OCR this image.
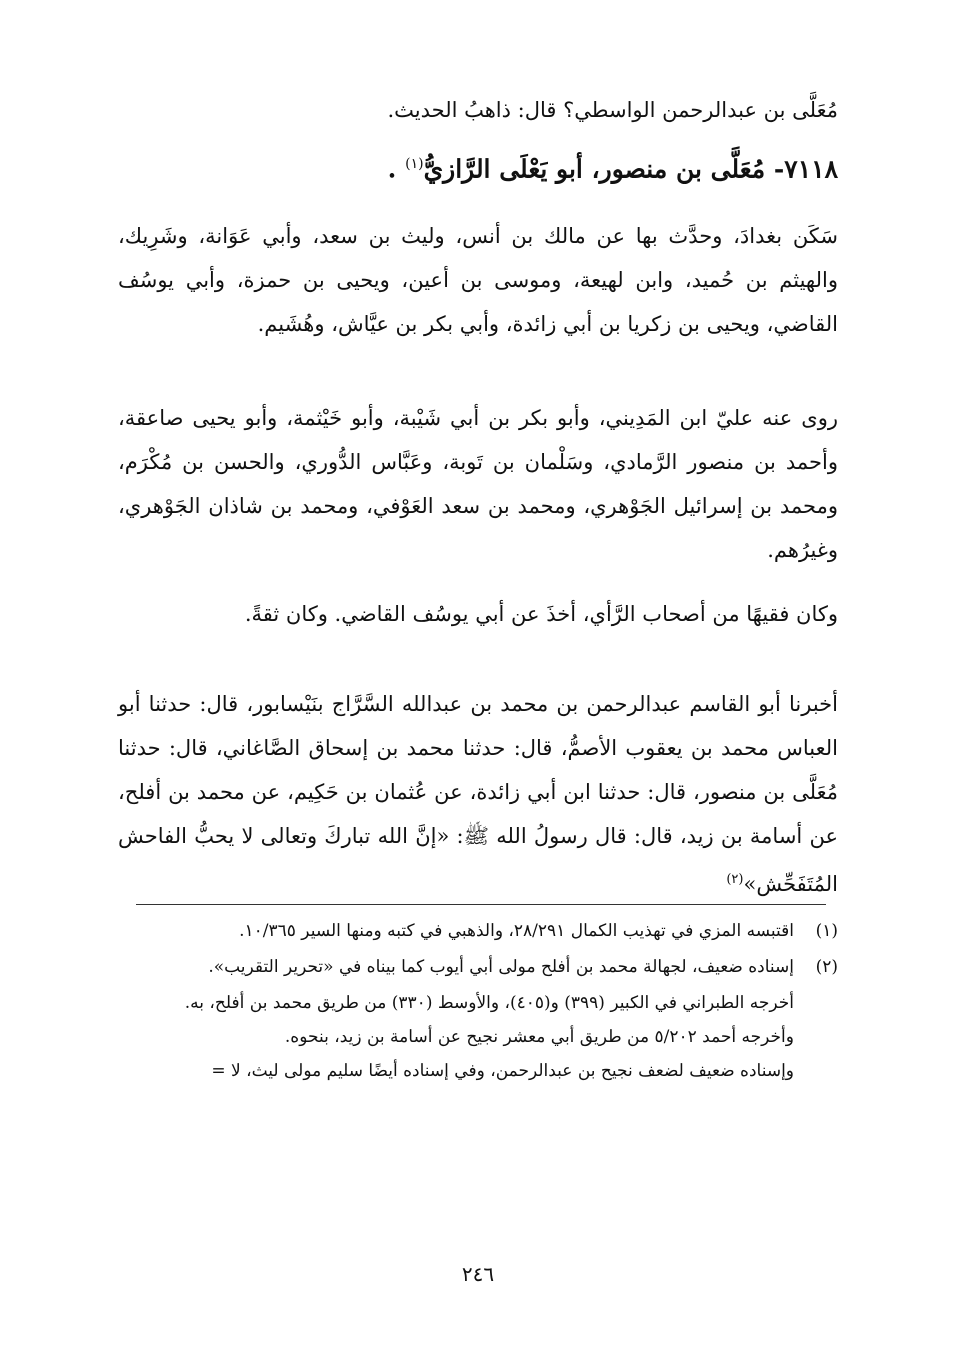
مُعَلَّى بن عبدالرحمن الواسطي؟ قال: ذاهبُ الحديث.
٧١١٨- مُعَلَّى بن منصور، أبو يَعْلَى الرَّازيُّ$^{(١)}$ .
سَكَن بغدادَ، وحدَّث بها عن مالك بن أنس، وليث بن سعد، وأبي عَوَانة، وشَرِيك، والهيثم بن حُميد، وابن لهيعة، وموسى بن أعين، ويحيى بن حمزة، وأبي يوسُف القاضي، ويحيى بن زكريا بن أبي زائدة، وأبي بكر بن عيَّاش، وهُشَيم.
روى عنه عليّ ابن المَدِيني، وأبو بكر بن أبي شَيْبة، وأبو خَيْثمة، وأبو يحيى صاعقة، وأحمد بن منصور الرَّمادي، وسَلْمان بن تَوبة، وعَبَّاس الدُّوري، والحسن بن مُكْرَم، ومحمد بن إسرائيل الجَوْهري، ومحمد بن سعد العَوْفي، ومحمد بن شاذان الجَوْهري، وغيرُهم.
وكان فقيهًا من أصحاب الرَّأي، أخذَ عن أبي يوسُف القاضي. وكان ثقةً.
أخبرنا أبو القاسم عبدالرحمن بن محمد بن عبدالله السَّرَّاج بنَيْسابور، قال: حدثنا أبو العباس محمد بن يعقوب الأصمُّ، قال: حدثنا محمد بن إسحاق الصَّاغاني، قال: حدثنا مُعَلَّى بن منصور، قال: حدثنا ابن أبي زائدة، عن عُثمان بن حَكِيم، عن محمد بن أفلح، عن أسامة بن زيد، قال: قال رسولُ الله ﷺ: «إنَّ الله تباركَ وتعالى لا يحبُّ الفاحش المُتَفَحِّش»$^{(٢)}$
(١)
اقتبسه المزي في تهذيب الكمال ٢٨/٢٩١، والذهبي في كتبه ومنها السير ١٠/٣٦٥.
(٢)
إسناده ضعيف، لجهالة محمد بن أفلح مولى أبي أيوب كما بيناه في «تحرير التقريب».
أخرجه الطبراني في الكبير (٣٩٩) و(٤٠٥)، والأوسط (٣٣٠) من طريق محمد بن أفلح، به.
وأخرجه أحمد ٥/٢٠٢ من طريق أبي معشر نجيح عن أسامة بن زيد، بنحوه.
وإسناده ضعيف لضعف نجيح بن عبدالرحمن، وفي إسناده أيضًا سليم مولى ليث، لا =
٢٤٦
